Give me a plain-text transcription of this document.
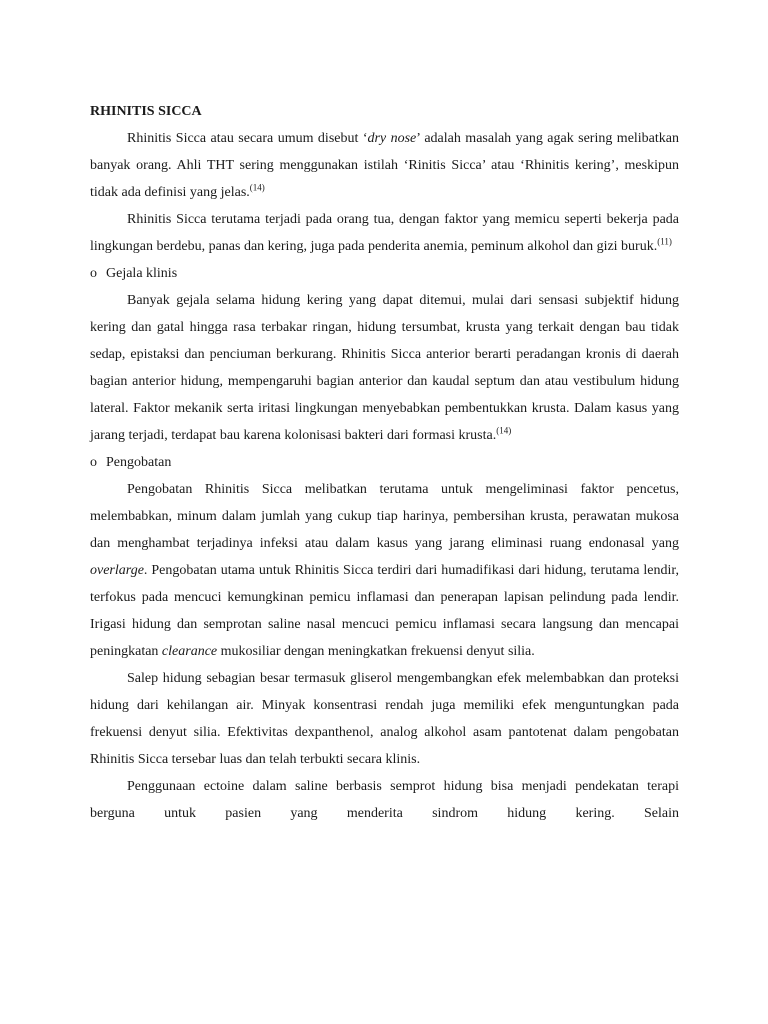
RHINITIS SICCA

Rhinitis Sicca atau secara umum disebut ‘dry nose’ adalah masalah yang agak sering melibatkan banyak orang. Ahli THT sering menggunakan istilah ‘Rinitis Sicca’ atau ‘Rhinitis kering’, meskipun tidak ada definisi yang jelas.$^{(14)}$

Rhinitis Sicca terutama terjadi pada orang tua, dengan faktor yang memicu seperti bekerja pada lingkungan berdebu, panas dan kering, juga pada penderita anemia, peminum alkohol dan gizi buruk.$^{(11)}$

o Gejala klinis

Banyak gejala selama hidung kering yang dapat ditemui, mulai dari sensasi subjektif hidung kering dan gatal hingga rasa terbakar ringan, hidung tersumbat, krusta yang terkait dengan bau tidak sedap, epistaksi dan penciuman berkurang. Rhinitis Sicca anterior berarti peradangan kronis di daerah bagian anterior hidung, mempengaruhi bagian anterior dan kaudal septum dan atau vestibulum hidung lateral. Faktor mekanik serta iritasi lingkungan menyebabkan pembentukkan krusta. Dalam kasus yang jarang terjadi, terdapat bau karena kolonisasi bakteri dari formasi krusta.$^{(14)}$

o Pengobatan

Pengobatan Rhinitis Sicca melibatkan terutama untuk mengeliminasi faktor pencetus, melembabkan, minum dalam jumlah yang cukup tiap harinya, pembersihan krusta, perawatan mukosa dan menghambat terjadinya infeksi atau dalam kasus yang jarang eliminasi ruang endonasal yang overlarge. Pengobatan utama untuk Rhinitis Sicca terdiri dari humadifikasi dari hidung, terutama lendir, terfokus pada mencuci kemungkinan pemicu inflamasi dan penerapan lapisan pelindung pada lendir. Irigasi hidung dan semprotan saline nasal mencuci pemicu inflamasi secara langsung dan mencapai peningkatan clearance mukosiliar dengan meningkatkan frekuensi denyut silia.

Salep hidung sebagian besar termasuk gliserol mengembangkan efek melembabkan dan proteksi hidung dari kehilangan air. Minyak konsentrasi rendah juga memiliki efek menguntungkan pada frekuensi denyut silia. Efektivitas dexpanthenol, analog alkohol asam pantotenat dalam pengobatan Rhinitis Sicca tersebar luas dan telah terbukti secara klinis.

Penggunaan ectoine dalam saline berbasis semprot hidung bisa menjadi pendekatan terapi berguna untuk pasien yang menderita sindrom hidung kering. Selain
